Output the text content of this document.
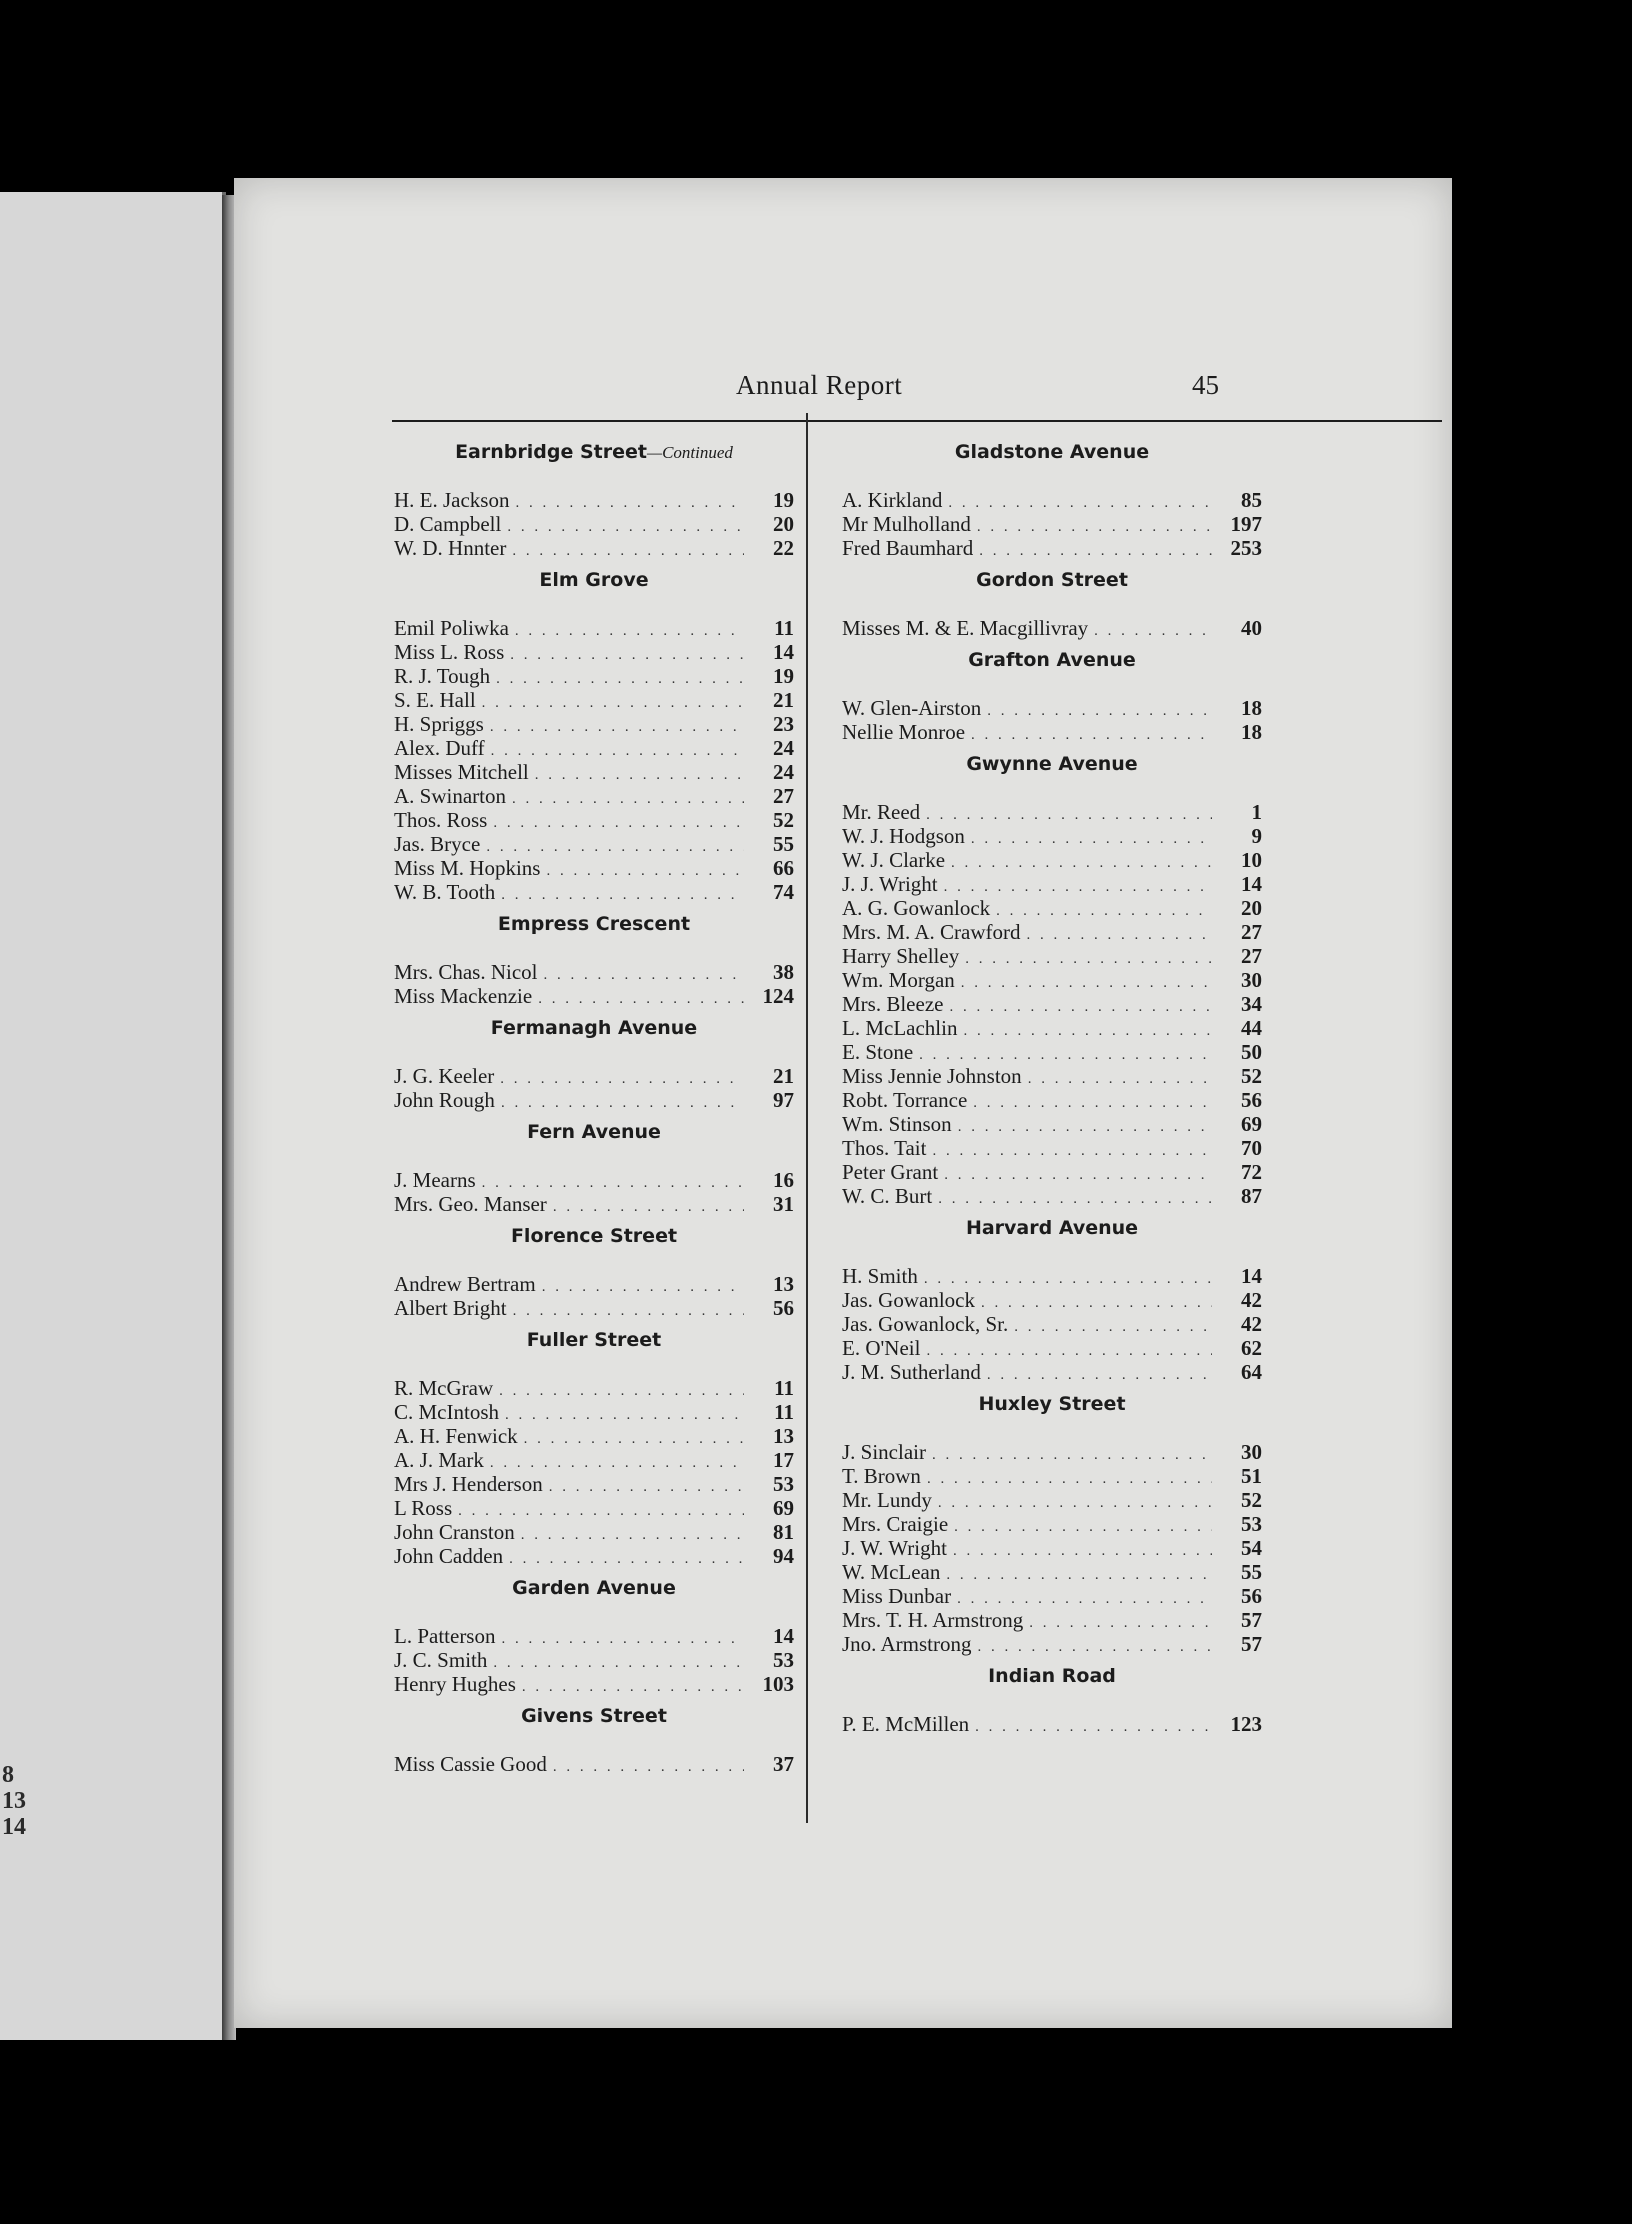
8
13
14
Annual Report	45
Earnbridge Street—Continued
H. E. Jackson . . .	19
D. Campbell . . .	20
W. D. Hnnter . . .	22
Elm Grove
Emil Poliwka . . .	11
Miss L. Ross . . .	14
R. J. Tough . . .	19
S. E. Hall . . .	21
H. Spriggs . . .	23
Alex. Duff . . .	24
Misses Mitchell . . .	24
A. Swinarton . . .	27
Thos. Ross . . .	52
Jas. Bryce . . .	55
Miss M. Hopkins . . .	66
W. B. Tooth . . .	74
Empress Crescent
Mrs. Chas. Nicol . . .	38
Miss Mackenzie . . .	124
Fermanagh Avenue
J. G. Keeler . . .	21
John Rough . . .	97
Fern Avenue
J. Mearns . . .	16
Mrs. Geo. Manser . . .	31
Florence Street
Andrew Bertram . . .	13
Albert Bright . . .	56
Fuller Street
R. McGraw . . .	11
C. McIntosh . . .	11
A. H. Fenwick . . .	13
A. J. Mark . . .	17
Mrs J. Henderson . . .	53
L Ross . . .	69
John Cranston . . .	81
John Cadden . . .	94
Garden Avenue
L. Patterson . . .	14
J. C. Smith . . .	53
Henry Hughes . . .	103
Givens Street
Miss Cassie Good . . .	37
Gladstone Avenue
A. Kirkland . . .	85
Mr Mulholland . . .	197
Fred Baumhard . . .	253
Gordon Street
Misses M. & E. Macgillivray . . .	40
Grafton Avenue
W. Glen-Airston . . .	18
Nellie Monroe . . .	18
Gwynne Avenue
Mr. Reed . . .	1
W. J. Hodgson . . .	9
W. J. Clarke . . .	10
J. J. Wright . . .	14
A. G. Gowanlock . . .	20
Mrs. M. A. Crawford . . .	27
Harry Shelley . . .	27
Wm. Morgan . . .	30
Mrs. Bleeze . . .	34
L. McLachlin . . .	44
E. Stone . . .	50
Miss Jennie Johnston . . .	52
Robt. Torrance . . .	56
Wm. Stinson . . .	69
Thos. Tait . . .	70
Peter Grant . . .	72
W. C. Burt . . .	87
Harvard Avenue
H. Smith . . .	14
Jas. Gowanlock . . .	42
Jas. Gowanlock, Sr. . . .	42
E. O'Neil . . .	62
J. M. Sutherland . . .	64
Huxley Street
J. Sinclair . . .	30
T. Brown . . .	51
Mr. Lundy . . .	52
Mrs. Craigie . . .	53
J. W. Wright . . .	54
W. McLean . . .	55
Miss Dunbar . . .	56
Mrs. T. H. Armstrong . . .	57
Jno. Armstrong . . .	57
Indian Road
P. E. McMillen . . .	123
